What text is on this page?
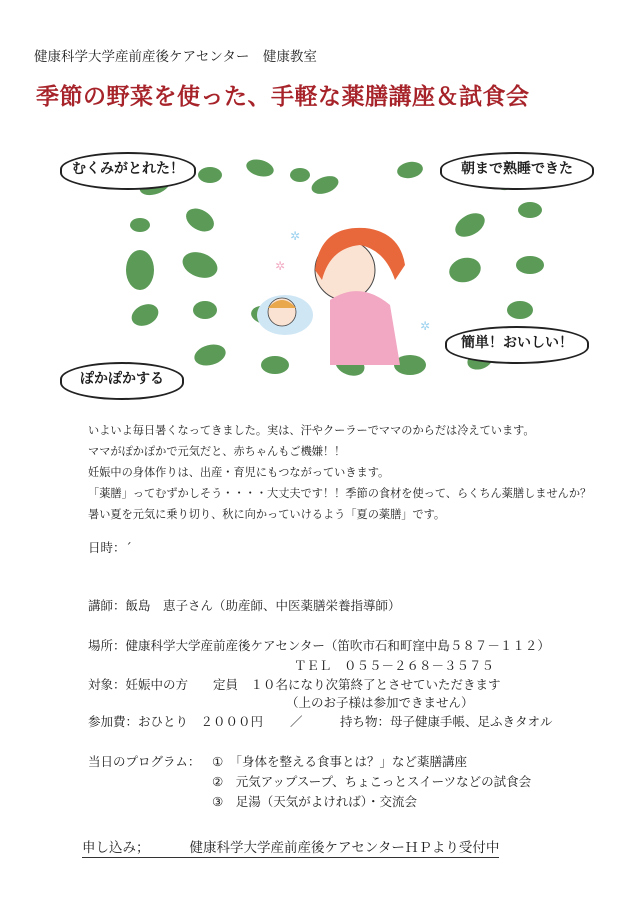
健康科学大学産前産後ケアセンター　健康教室
季節の野菜を使った、手軽な薬膳講座＆試食会
✲
✲
✲
むくみがとれた！	朝まで熟睡できた
ぽかぽかする
簡単！おいしい！

いよいよ毎日暑くなってきました。実は、汗やクーラーでママのからだは冷えています。

ママがぽかぽかで元気だと、赤ちゃんもご機嫌！！

妊娠中の身体作りは、出産・育児にもつながっていきます。

「薬膳」ってむずかしそう・・・・大丈夫です！！季節の食材を使って、らくちん薬膳しませんか？

暑い夏を元気に乗り切り、秋に向かっていけるよう「夏の薬膳」です。

日時：ˊ
講師：飯島　恵子さん（助産師、中医薬膳栄養指導師）
場所：健康科学大学産前産後ケアセンター（笛吹市石和町窪中島５８７－１１２）
ＴＥＬ　０５５－２６８－３５７５
対象：妊娠中の方　　定員　１０名になり次第終了とさせていただきます
（上のお子様は参加できません）
参加費：おひとり　２０００円 ／	持ち物：母子健康手帳、足ふきタオル
当日のプログラム： ①　「身体を整える食事とは？」など薬膳講座
②　元気アップスープ、ちょこっとスイーツなどの試食会
③　足湯（天気がよければ）・交流会
申し込み；	健康科学大学産前産後ケアセンターＨＰより受付中
